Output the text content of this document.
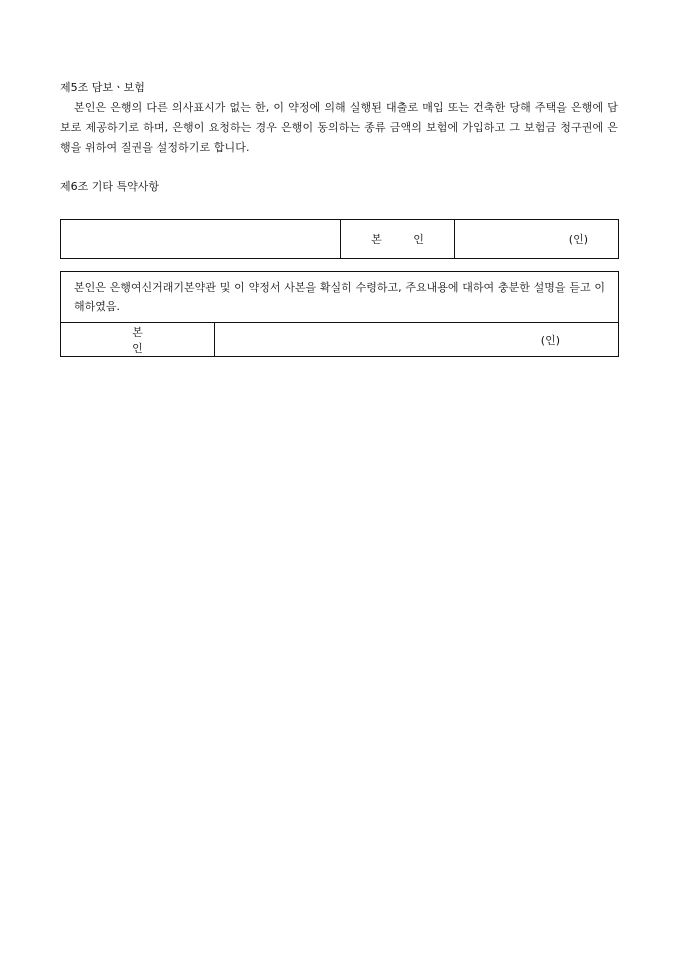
제5조 담보ㆍ보험

본인은 은행의 다른 의사표시가 없는 한, 이 약정에 의해 실행된 대출로 매입 또는 건축한 당해 주택을 은행에 담보로 제공하기로 하며, 은행이 요청하는 경우 은행이 동의하는 종류 금액의 보험에 가입하고 그 보험금 청구권에 은행을 위하여 질권을 설정하기로 합니다.

제6조 기타 특약사항

	본 인	(인)
본인은 은행여신거래기본약관 및 이 약정서 사본을 확실히 수령하고, 주요내용에 대하여 충분한 설명을 듣고 이해하였음.
본 인	(인)
